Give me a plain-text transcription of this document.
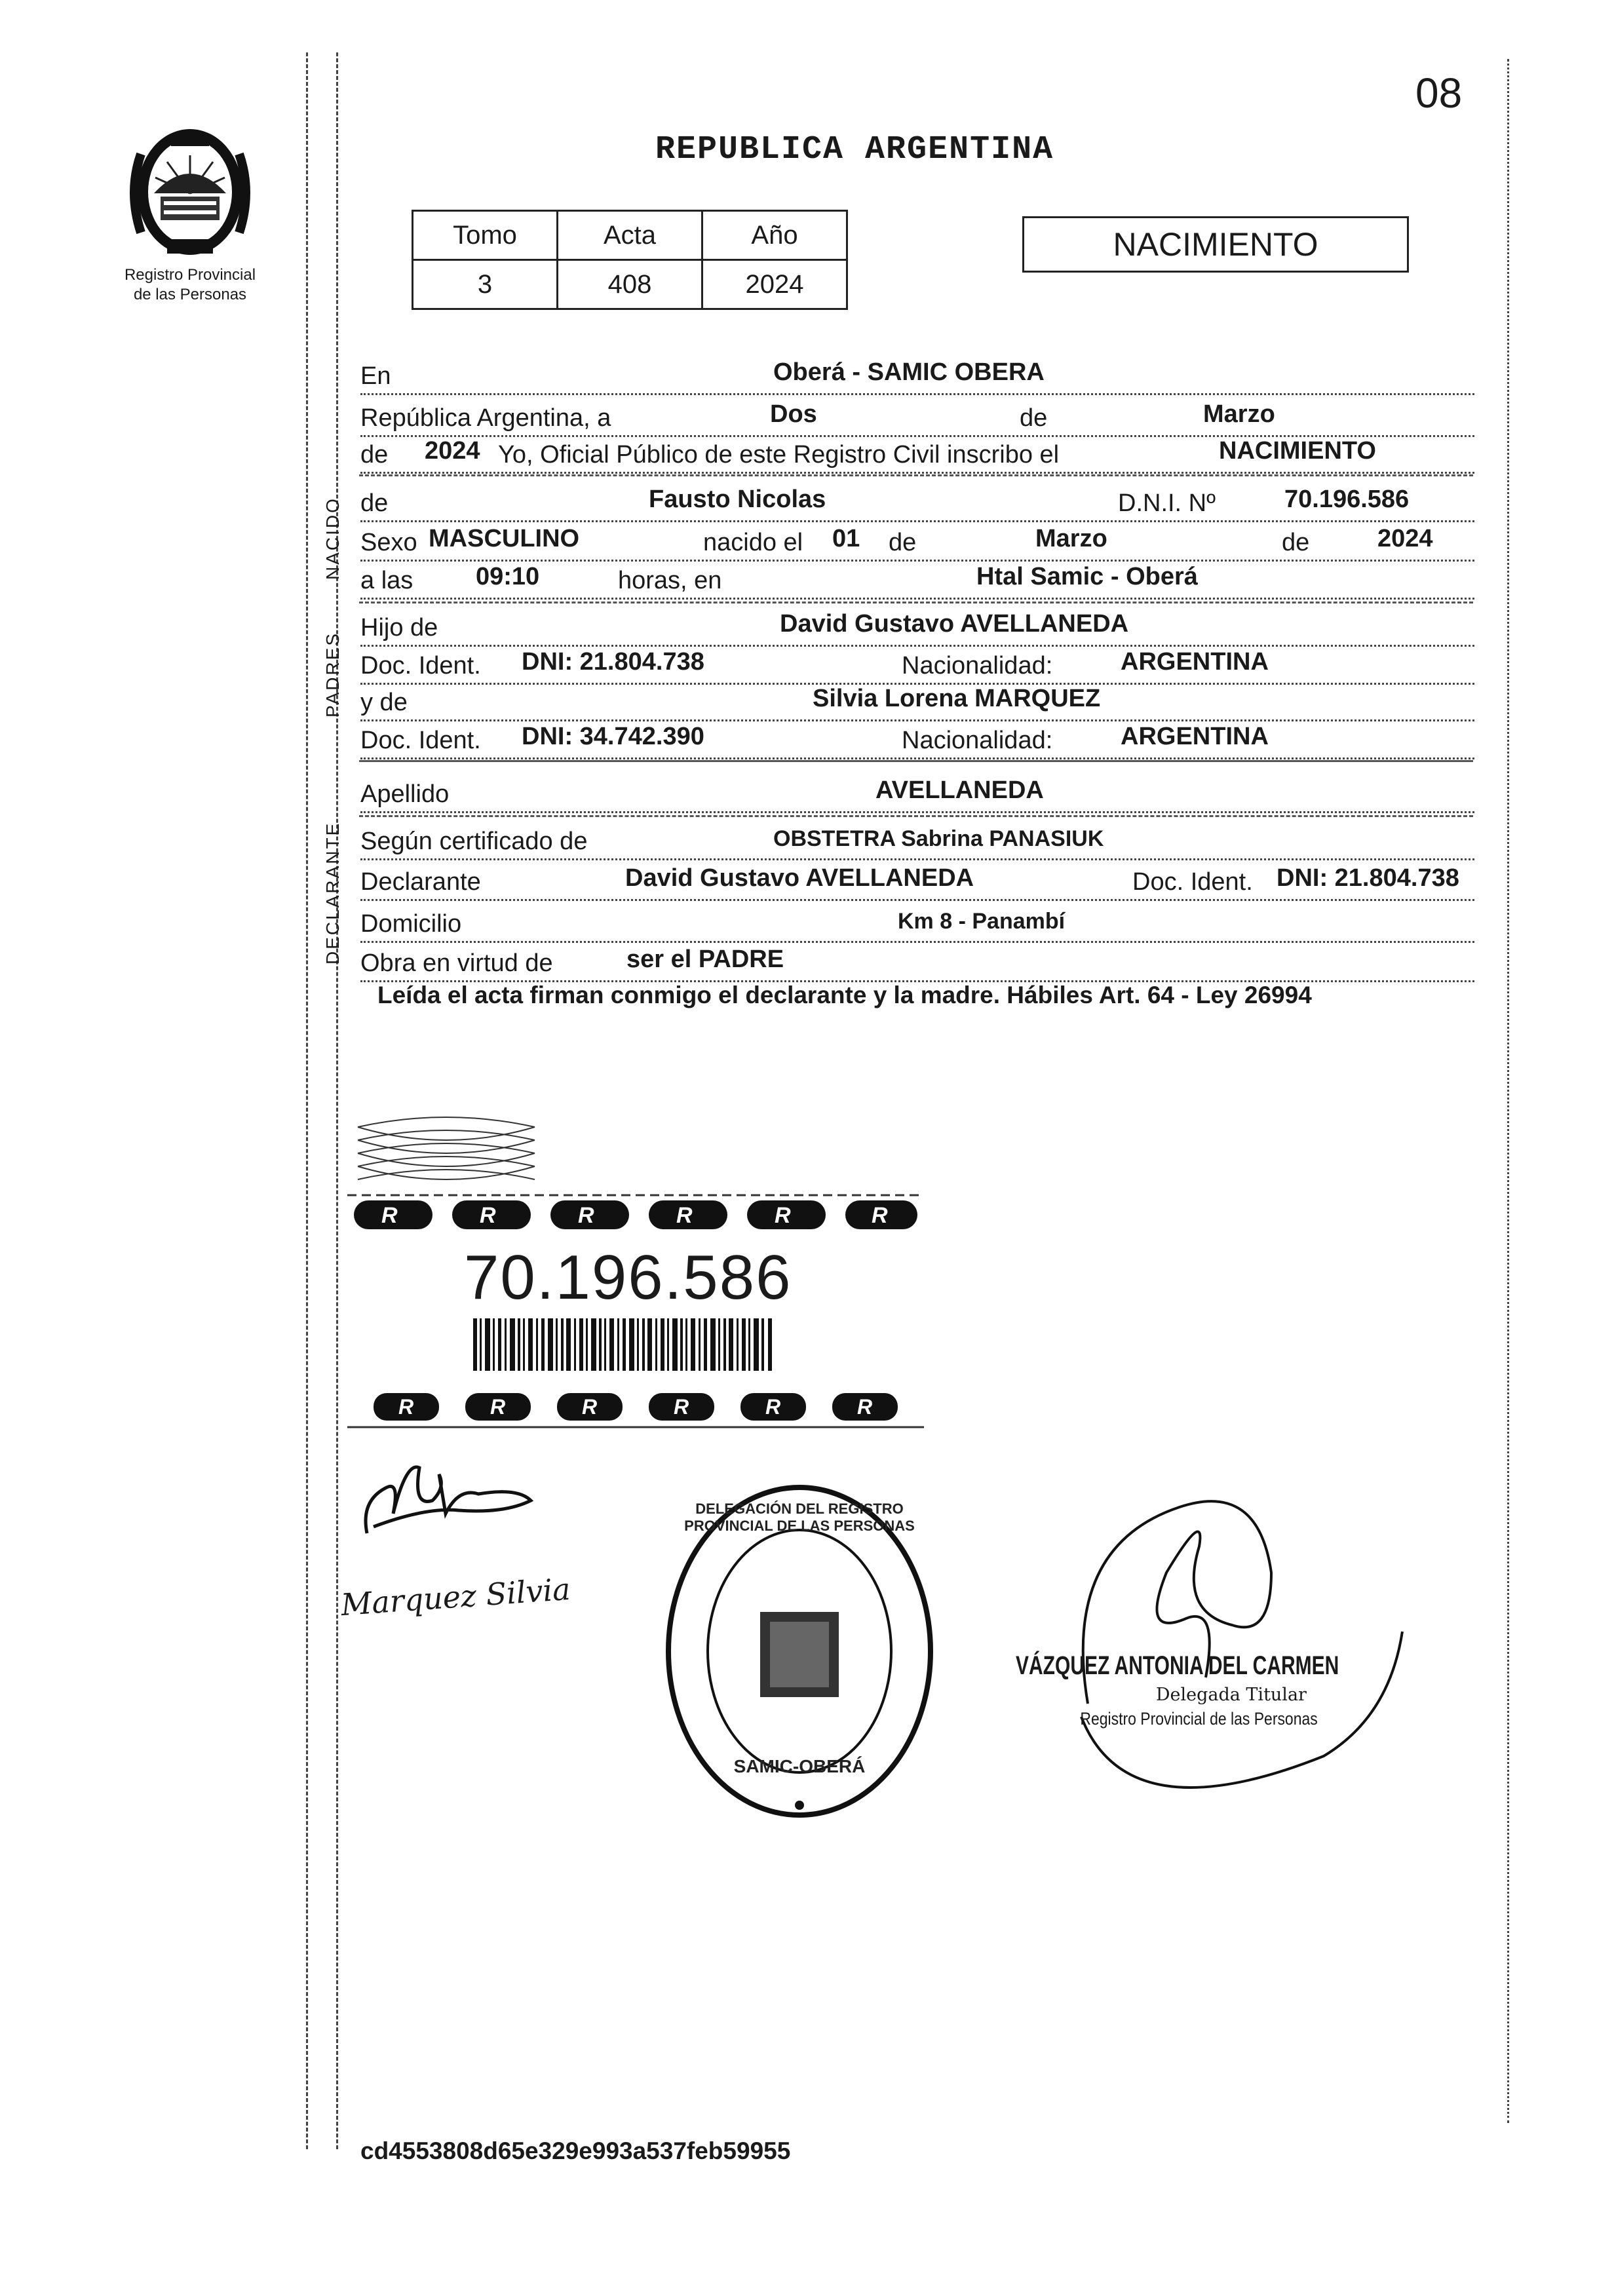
08
REPUBLICA ARGENTINA
Registro Provincial
de las Personas
Tomo	Acta	Año
3	408	2024
NACIMIENTO
NACIDO
PADRES
DECLARANTE
En	Oberá - SAMIC OBERA
República Argentina, a	Dos	de	Marzo
de 2024 Yo, Oficial Público de este Registro Civil inscribo el	NACIMIENTO
de	Fausto Nicolas	D.N.I. Nº	70.196.586
Sexo MASCULINO	nacido el 01 de	Marzo	de	2024
a las	09:10	horas, en	Htal Samic - Oberá
Hijo de	David Gustavo AVELLANEDA
Doc. Ident. DNI: 21.804.738	Nacionalidad:	ARGENTINA
y de	Silvia Lorena MARQUEZ
Doc. Ident. DNI: 34.742.390	Nacionalidad:	ARGENTINA
Apellido	AVELLANEDA
Según certificado de	OBSTETRA Sabrina PANASIUK
Declarante	David Gustavo AVELLANEDA	Doc. Ident. DNI: 21.804.738
Domicilio	Km 8 - Panambí
Obra en virtud de	ser el PADRE
Leída el acta firman conmigo el declarante y la madre. Hábiles Art. 64 - Ley 26994
R	R	R	R	R	R
70.196.586
R	R	R	R	R	R
Marquez Silvia
DELEGACIÓN DEL REGISTRO PROVINCIAL DE LAS PERSONAS
SAMIC-OBERÁ
VÁZQUEZ ANTONIA DEL CARMEN
Delegada Titular
Registro Provincial de las Personas
cd4553808d65e329e993a537feb59955
